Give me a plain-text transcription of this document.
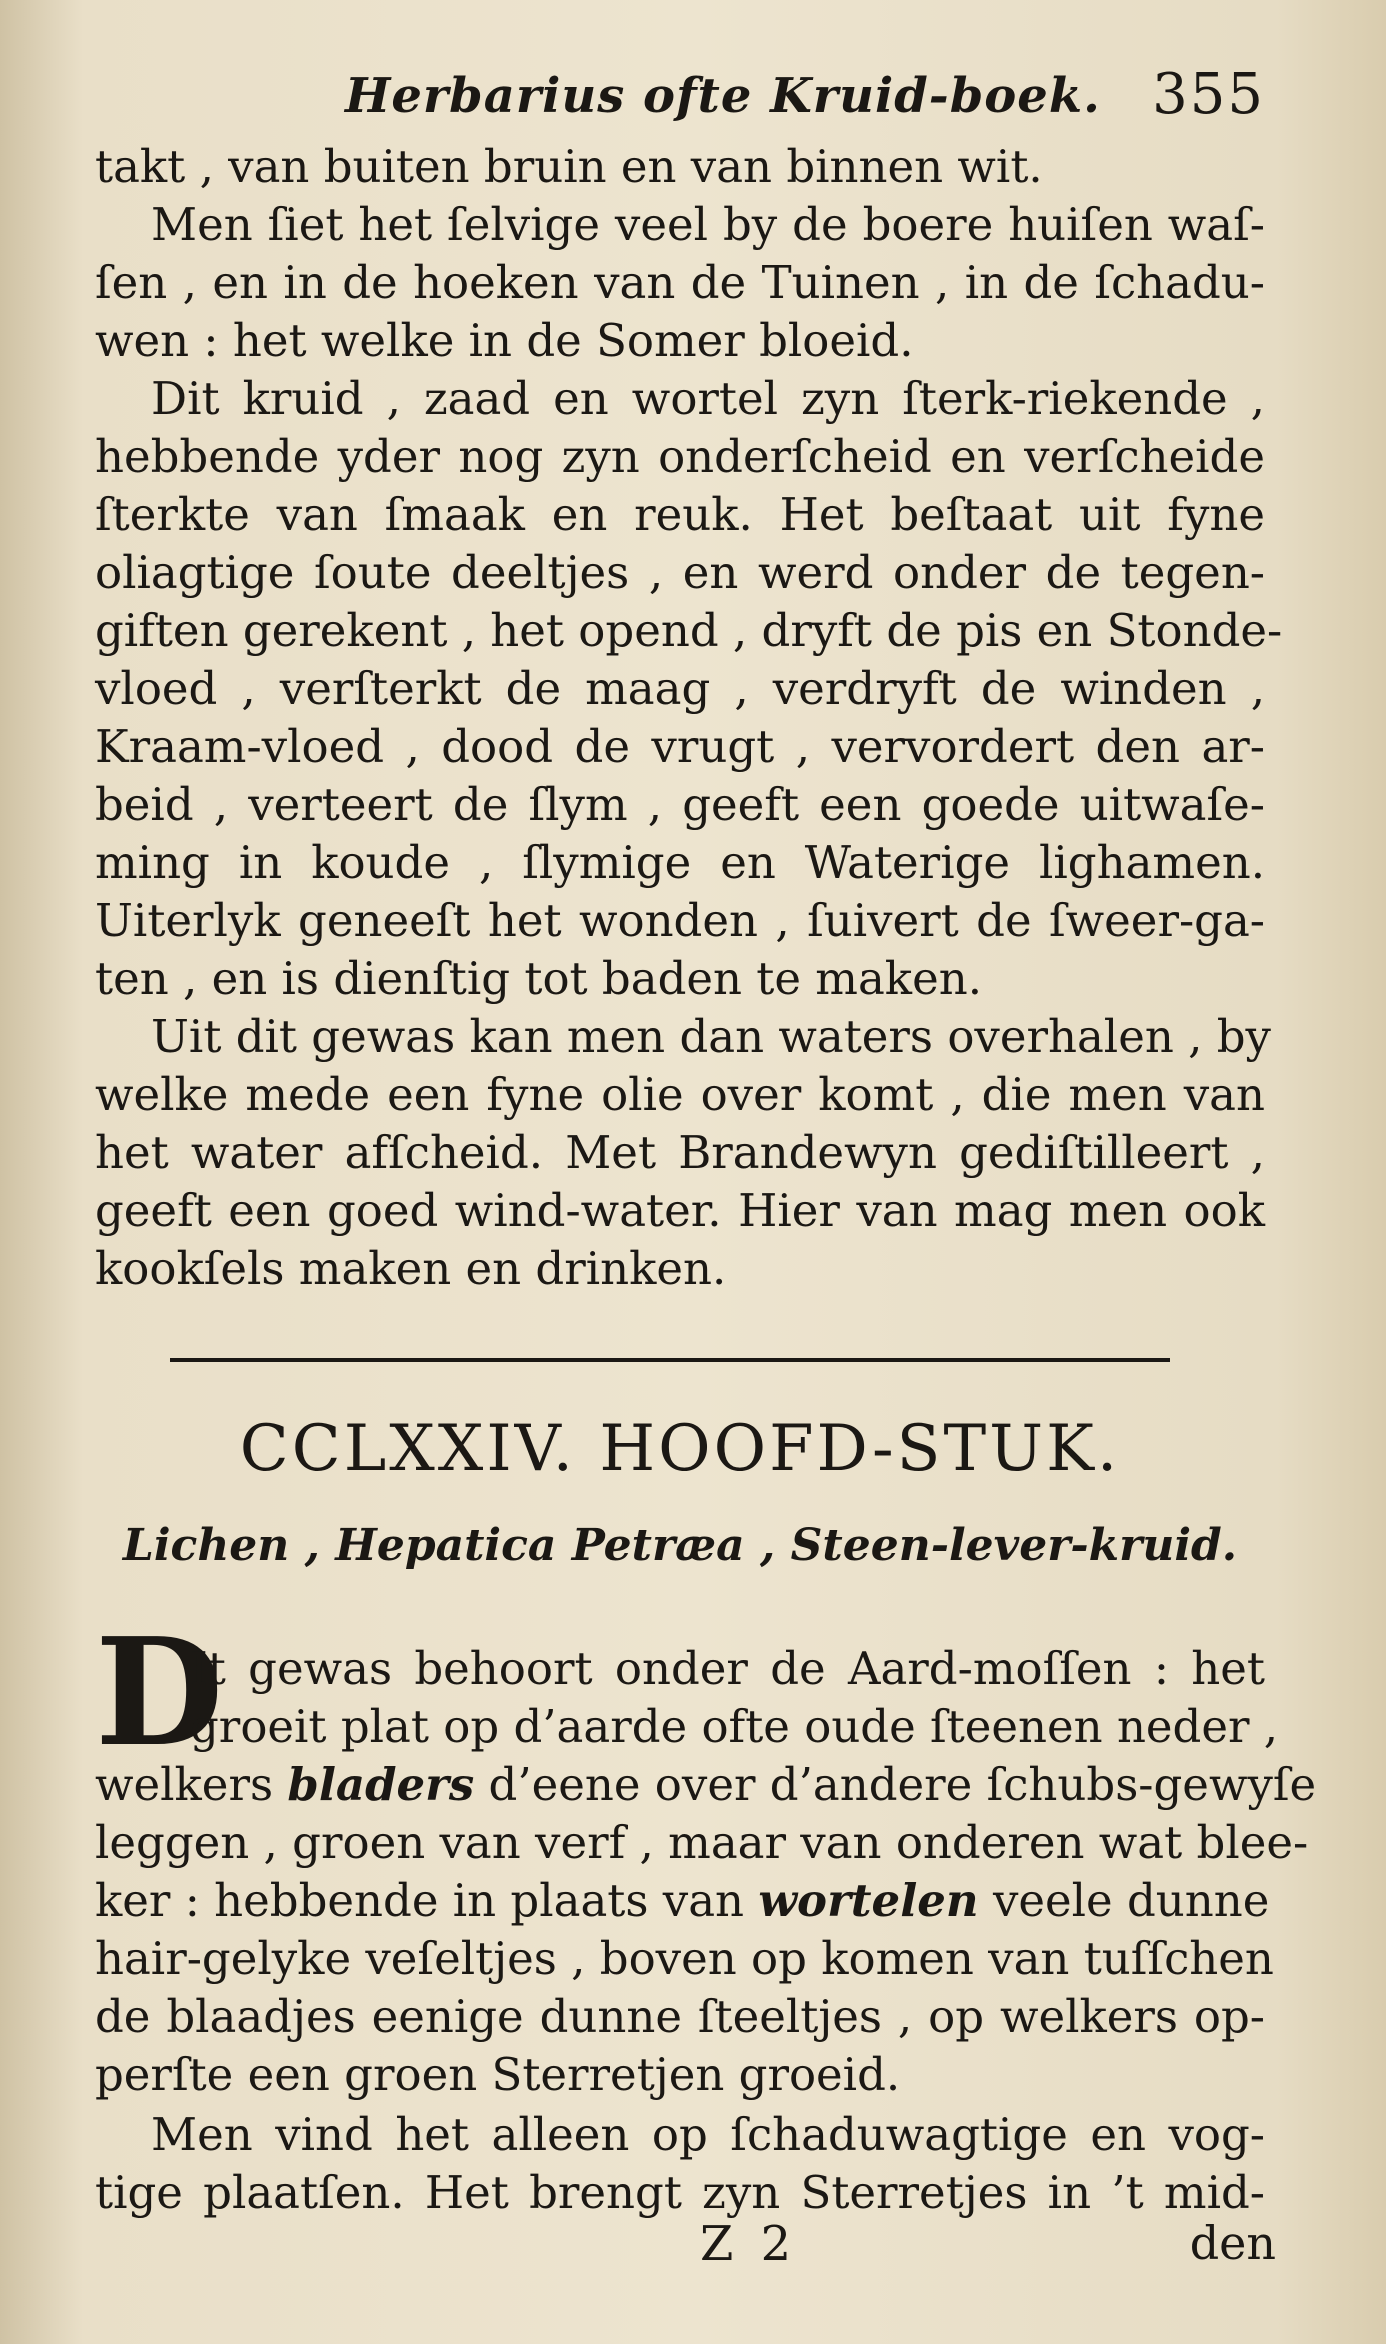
Herbarius ofte Kruid-boek. 355

takt , van buiten bruin en van binnen wit.

Men ſiet het ſelvige veel by de boere huiſen waſ-

ſen , en in de hoeken van de Tuinen , in de ſchadu-

wen : het welke in de Somer bloeid.

Dit kruid , zaad en wortel zyn ſterk-riekende ,

hebbende yder nog zyn onderſcheid en verſcheide

ſterkte van ſmaak en reuk. Het beſtaat uit fyne

oliagtige ſoute deeltjes , en werd onder de tegen-

giften gerekent , het opend , dryft de pis en Stonde-

vloed , verſterkt de maag , verdryft de winden ,

Kraam-vloed , dood de vrugt , vervordert den ar-

beid , verteert de ſlym , geeft een goede uitwaſe-

ming in koude , ſlymige en Waterige lighamen.

Uiterlyk geneeſt het wonden , ſuivert de ſweer-ga-

ten , en is dienſtig tot baden te maken.

Uit dit gewas kan men dan waters overhalen , by

welke mede een fyne olie over komt , die men van

het water afſcheid. Met Brandewyn gediſtilleert ,

geeft een goed wind-water. Hier van mag men ook

kookſels maken en drinken.

CCLXXIV. HOOFD-STUK.
Lichen , Hepatica Petræa , Steen-lever-kruid.
D

It gewas behoort onder de Aard-moſſen : het

groeit plat op d’aarde ofte oude ſteenen neder ,

welkers bladers d’eene over d’andere ſchubs-gewyſe

leggen , groen van verf , maar van onderen wat blee-

ker : hebbende in plaats van wortelen veele dunne

hair-gelyke veſeltjes , boven op komen van tuſſchen

de blaadjes eenige dunne ſteeltjes , op welkers op-

perſte een groen Sterretjen groeid.

Men vind het alleen op ſchaduwagtige en vog-

tige plaatſen. Het brengt zyn Sterretjes in ’t mid-

Z 2	den
